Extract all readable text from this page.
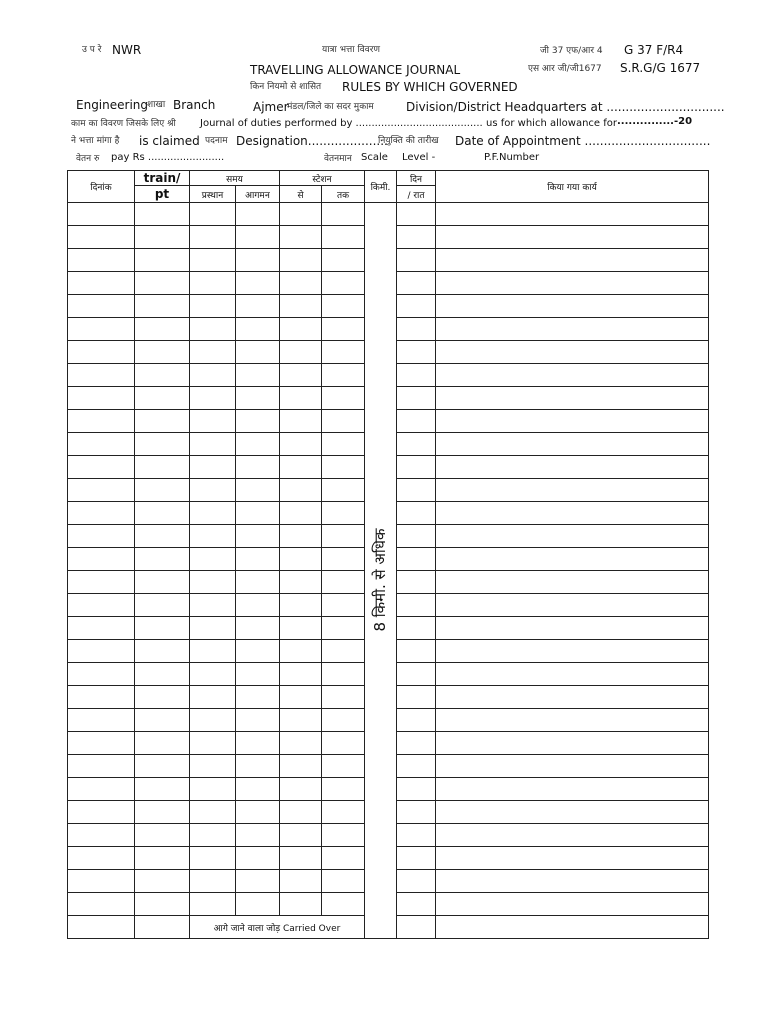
उ प रे NWR	यात्रा भत्ता विवरण	जी 37 एफ/आर 4 G 37 F/R4
TRAVELLING ALLOWANCE JOURNAL	एस आर जी/जी1677 S.R.G/G 1677
किन नियमो से शासित RULES BY WHICH GOVERNED
Engineering शाखा Branch	Ajmer
मंडल/जिले का सदर मुकाम	Division/District Headquarters at ...............................
काम का विवरण जिसके लिए श्री Journal of duties performed by ........................................ us for which allowance for ...............-20
ने भत्ता मांगा है is claimed पदनाम Designation.....................
नियुक्ति की तारीख Date of Appointment .................................
वेतन रु pay Rs ........................	वेतनमान Scale Level -	P.F.Number
दिनांक	train/	समय		स्टेशन		किमी.	दिन	किया गया कार्य
	pt	प्रस्थान	आगमन	से	तक		/ रात	

		आगे जाने वाला जोड़ Carried Over						
8 किमी. से अधिक
